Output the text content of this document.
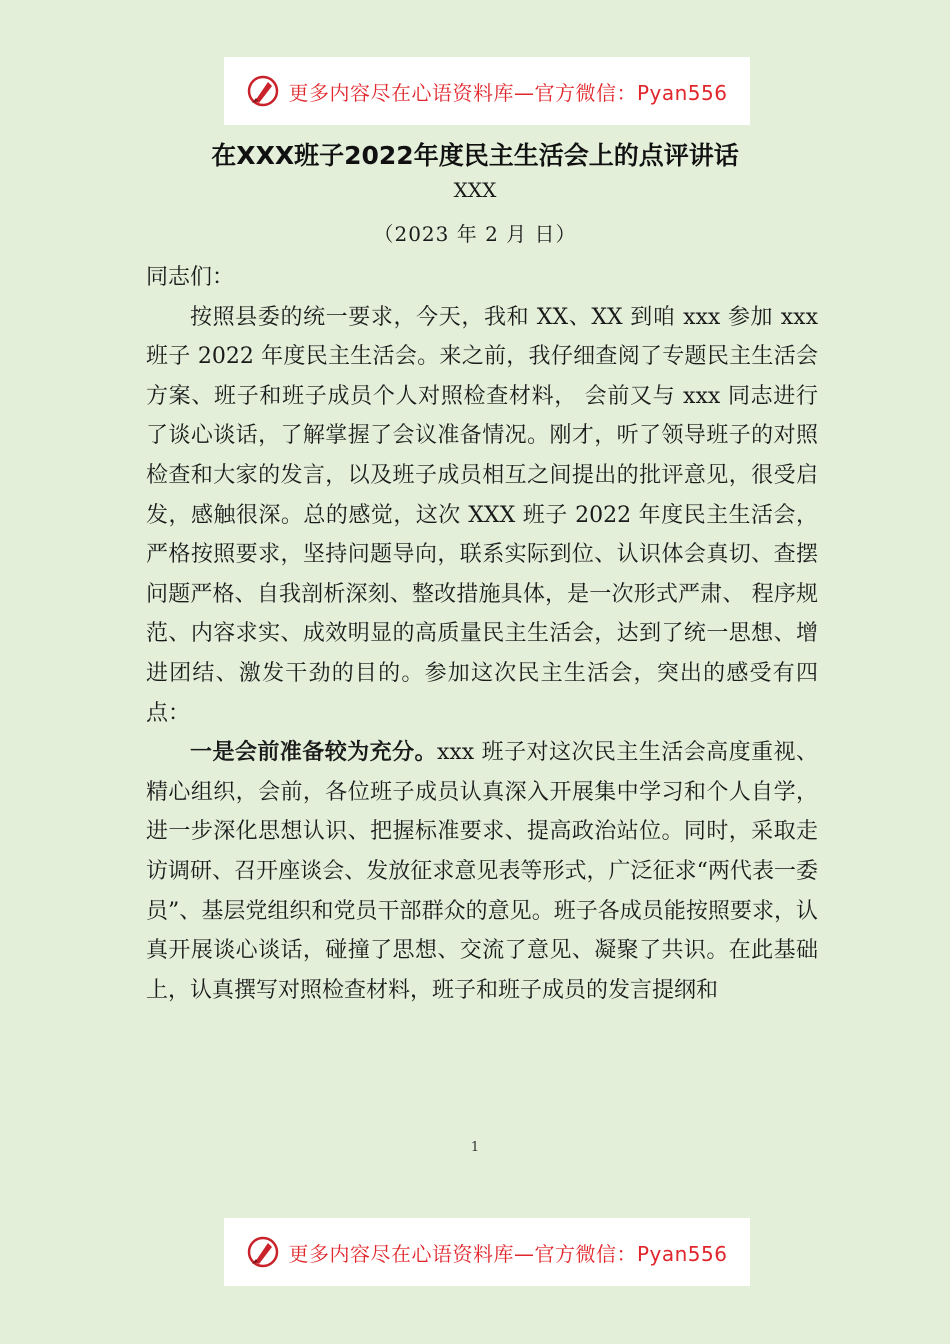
更多内容尽在心语资料库—官方微信：Pyan556
在XXX班子2022年度民主生活会上的点评讲话
XXX
（2023 年 2 月 日）

同志们：

按照县委的统一要求，今天，我和 XX、XX 到咱 xxx 参加 xxx 班子 2022 年度民主生活会。来之前，我仔细查阅了专题民主生活会方案、班子和班子成员个人对照检查材料， 会前又与 xxx 同志进行了谈心谈话，了解掌握了会议准备情况。刚才，听了领导班子的对照检查和大家的发言，以及班子成员相互之间提出的批评意见，很受启发，感触很深。总的感觉，这次 XXX 班子 2022 年度民主生活会，严格按照要求，坚持问题导向，联系实际到位、认识体会真切、查摆问题严格、自我剖析深刻、整改措施具体，是一次形式严肃、 程序规范、内容求实、成效明显的高质量民主生活会，达到了统一思想、增进团结、激发干劲的目的。参加这次民主生活会，突出的感受有四点：

一是会前准备较为充分。xxx 班子对这次民主生活会高度重视、精心组织，会前，各位班子成员认真深入开展集中学习和个人自学，进一步深化思想认识、把握标准要求、提高政治站位。同时，采取走访调研、召开座谈会、发放征求意见表等形式，广泛征求“两代表一委员”、基层党组织和党员干部群众的意见。班子各成员能按照要求，认真开展谈心谈话，碰撞了思想、交流了意见、凝聚了共识。在此基础上，认真撰写对照检查材料，班子和班子成员的发言提纲和

1
更多内容尽在心语资料库—官方微信：Pyan556
